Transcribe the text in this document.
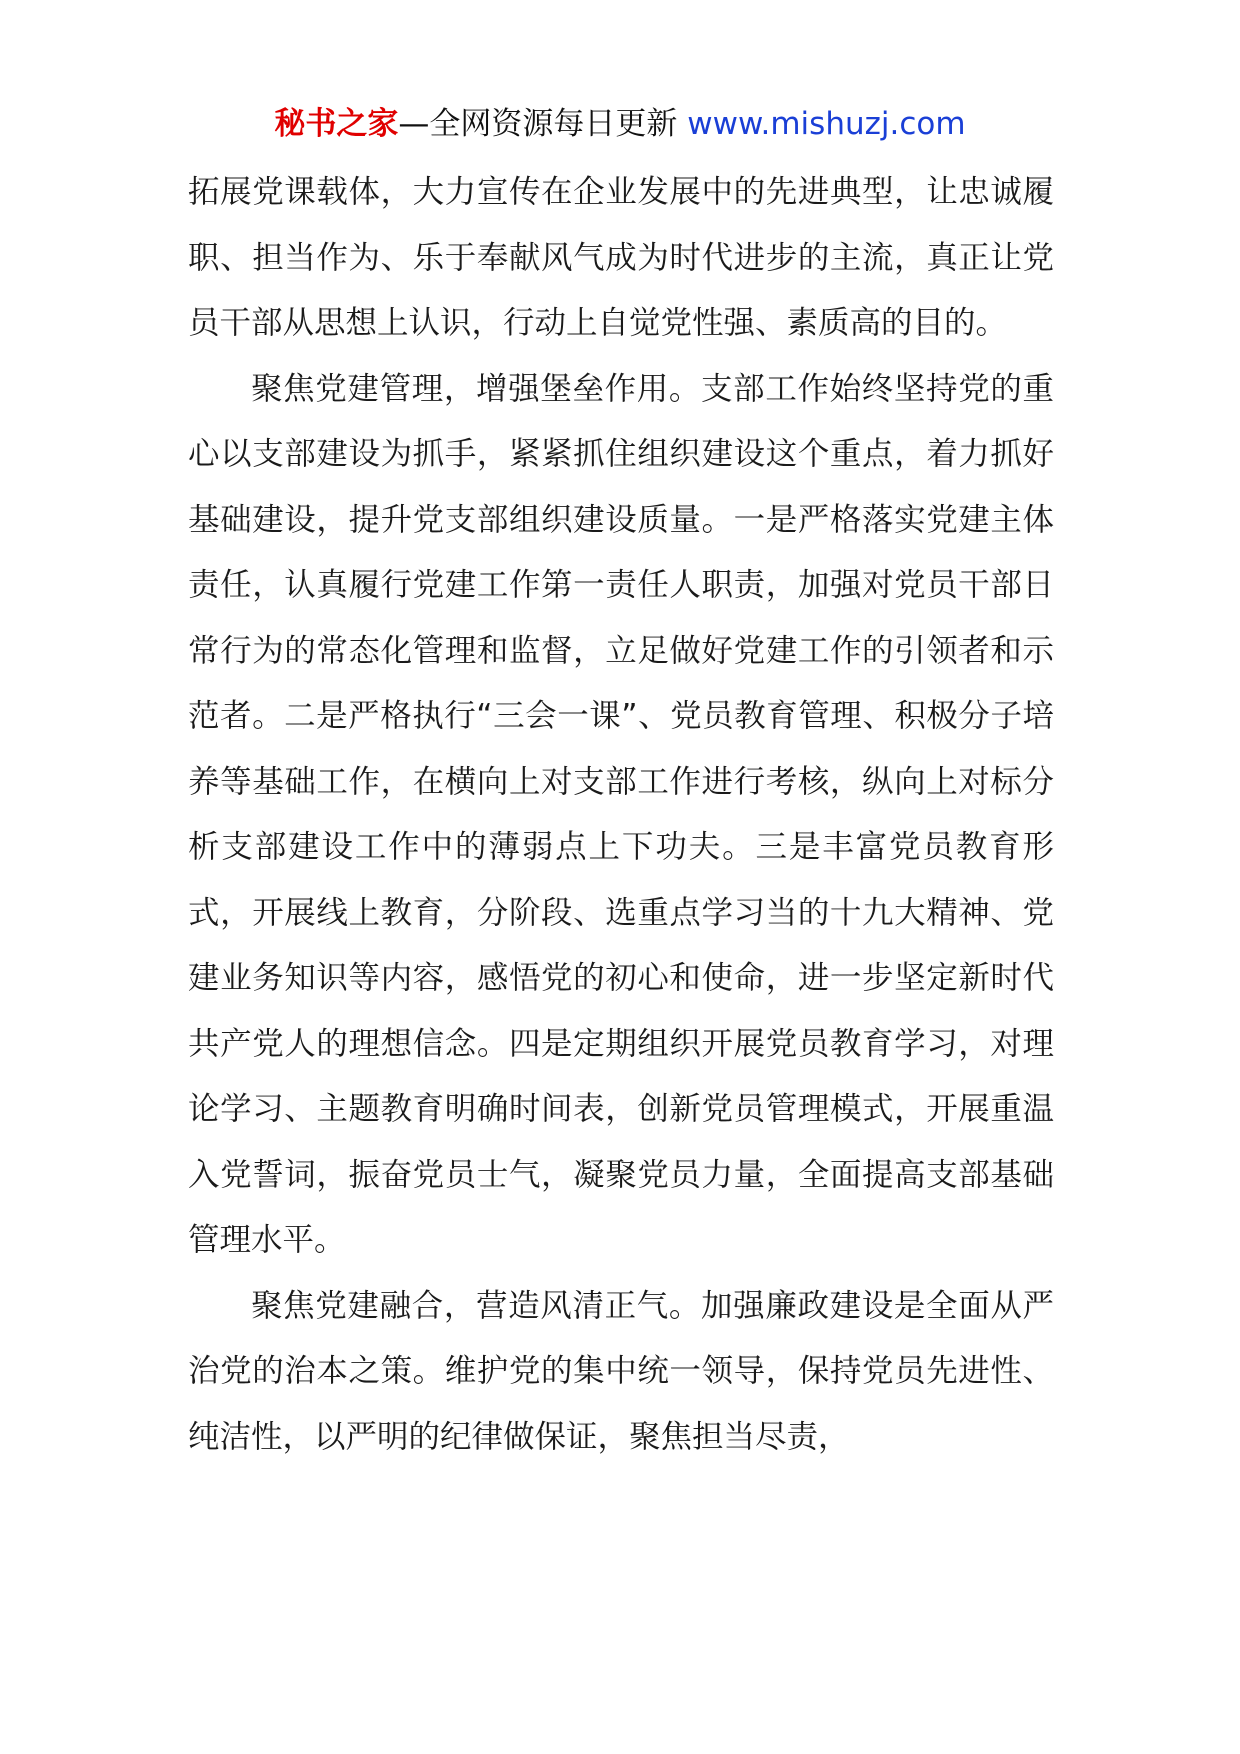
秘书之家—全网资源每日更新 www.mishuzj.com

拓展党课载体，大力宣传在企业发展中的先进典型，让忠诚履职、担当作为、乐于奉献风气成为时代进步的主流，真正让党员干部从思想上认识，行动上自觉党性强、素质高的目的。

聚焦党建管理，增强堡垒作用。支部工作始终坚持党的重心以支部建设为抓手，紧紧抓住组织建设这个重点，着力抓好基础建设，提升党支部组织建设质量。一是严格落实党建主体责任，认真履行党建工作第一责任人职责，加强对党员干部日常行为的常态化管理和监督，立足做好党建工作的引领者和示范者。二是严格执行“三会一课”、党员教育管理、积极分子培养等基础工作，在横向上对支部工作进行考核，纵向上对标分析支部建设工作中的薄弱点上下功夫。三是丰富党员教育形式，开展线上教育，分阶段、选重点学习当的十九大精神、党建业务知识等内容，感悟党的初心和使命，进一步坚定新时代共产党人的理想信念。四是定期组织开展党员教育学习，对理论学习、主题教育明确时间表，创新党员管理模式，开展重温入党誓词，振奋党员士气，凝聚党员力量，全面提高支部基础管理水平。

聚焦党建融合，营造风清正气。加强廉政建设是全面从严治党的治本之策。维护党的集中统一领导，保持党员先进性、纯洁性，以严明的纪律做保证，聚焦担当尽责，
